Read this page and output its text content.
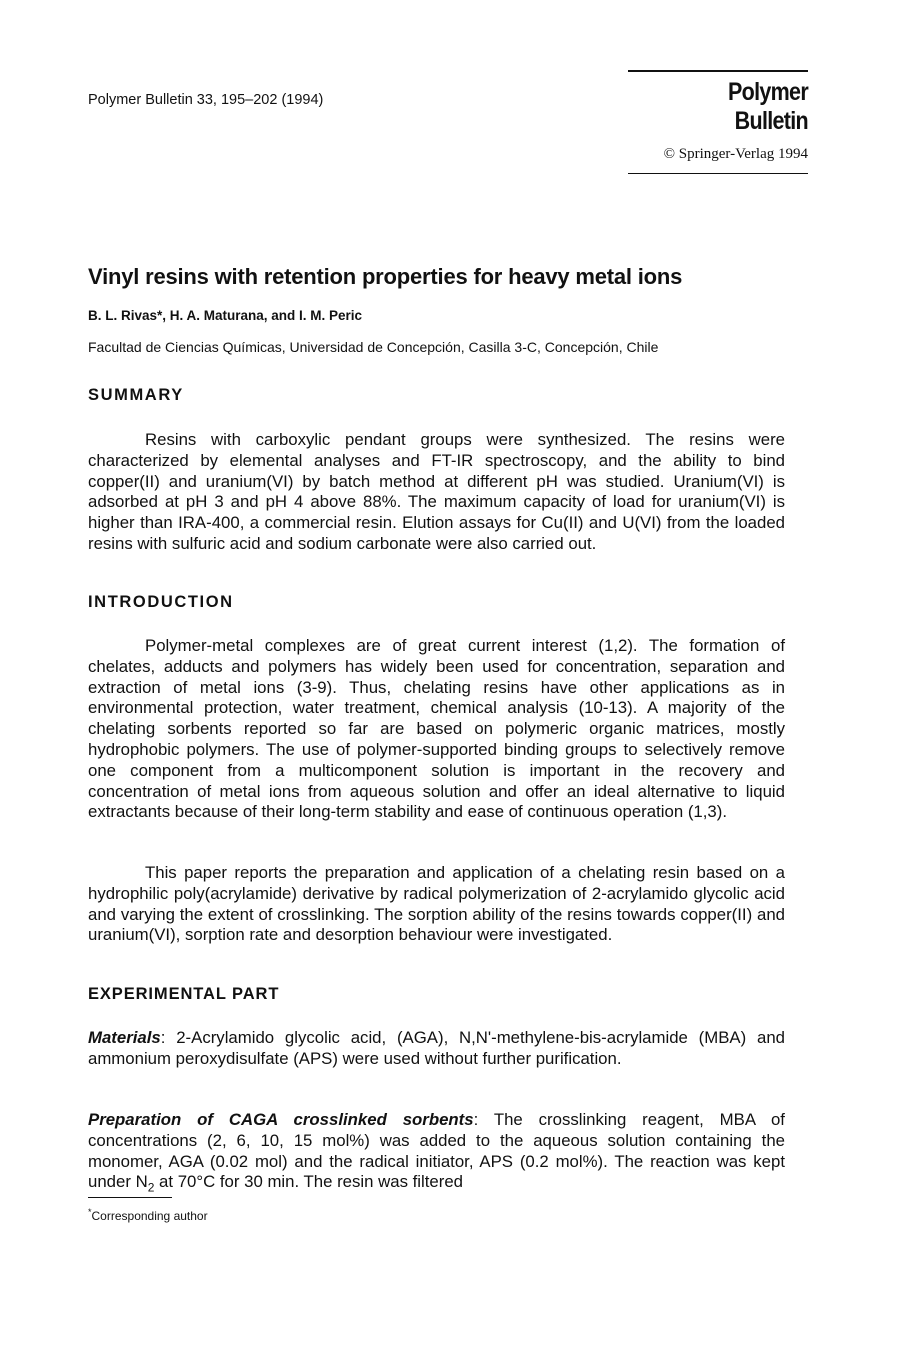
Polymer Bulletin 33, 195–202 (1994)	Polymer Bulletin
© Springer-Verlag 1994
Vinyl resins with retention properties for heavy metal ions
B. L. Rivas*, H. A. Maturana, and I. M. Peric
Facultad de Ciencias Químicas, Universidad de Concepción, Casilla 3-C, Concepción, Chile
SUMMARY
Resins with carboxylic pendant groups were synthesized. The resins were characterized by elemental analyses and FT-IR spectroscopy, and the ability to bind copper(II) and uranium(VI) by batch method at different pH was studied. Uranium(VI) is adsorbed at pH 3 and pH 4 above 88%. The maximum capacity of load for uranium(VI) is higher than IRA-400, a commercial resin. Elution assays for Cu(II) and U(VI) from the loaded resins with sulfuric acid and sodium carbonate were also carried out.
INTRODUCTION
Polymer-metal complexes are of great current interest (1,2). The formation of chelates, adducts and polymers has widely been used for concentration, separation and extraction of metal ions (3-9). Thus, chelating resins have other applications as in environmental protection, water treatment, chemical analysis (10-13). A majority of the chelating sorbents reported so far are based on polymeric organic matrices, mostly hydrophobic polymers. The use of polymer-supported binding groups to selectively remove one component from a multicomponent solution is important in the recovery and concentration of metal ions from aqueous solution and offer an ideal alternative to liquid extractants because of their long-term stability and ease of continuous operation (1,3).
This paper reports the preparation and application of a chelating resin based on a hydrophilic poly(acrylamide) derivative by radical polymerization of 2-acrylamido glycolic acid and varying the extent of crosslinking. The sorption ability of the resins towards copper(II) and uranium(VI), sorption rate and desorption behaviour were investigated.
EXPERIMENTAL PART
Materials: 2-Acrylamido glycolic acid, (AGA), N,N'-methylene-bis-acrylamide (MBA) and ammonium peroxydisulfate (APS) were used without further purification.
Preparation of CAGA crosslinked sorbents: The crosslinking reagent, MBA of concentrations (2, 6, 10, 15 mol%) was added to the aqueous solution containing the monomer, AGA (0.02 mol) and the radical initiator, APS (0.2 mol%). The reaction was kept under $N_2$ at 70°C for 30 min. The resin was filtered
*Corresponding author
